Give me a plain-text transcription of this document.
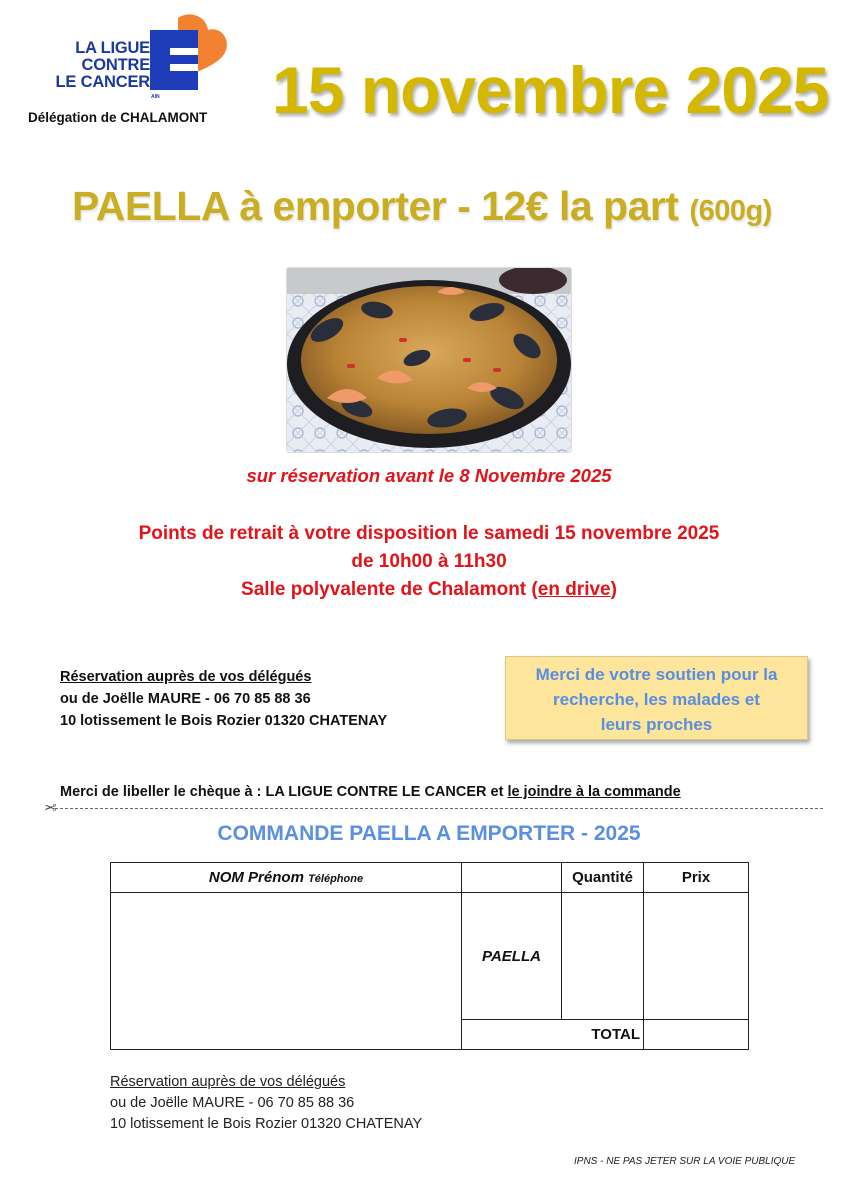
LA LIGUE
CONTRE
LE CANCER
AIN
Délégation de CHALAMONT 15 novembre 2025
PAELLA à emporter - 12€ la part (600g)
sur réservation avant le 8 Novembre 2025
Points de retrait à votre disposition le samedi 15 novembre 2025
de 10h00 à 11h30
Salle polyvalente de Chalamont (en drive)
Réservation auprès de vos délégués
ou de Joëlle MAURE - 06 70 85 88 36
10 lotissement le Bois Rozier 01320 CHATENAY
Merci de votre soutien pour la
recherche, les malades et
leurs proches
Merci de libeller le chèque à : LA LIGUE CONTRE LE CANCER et le joindre à la commande
✂
COMMANDE PAELLA A EMPORTER - 2025
NOM Prénom Téléphone		Quantité	Prix
	PAELLA		
	TOTAL		
Réservation auprès de vos délégués
ou de Joëlle MAURE - 06 70 85 88 36
10 lotissement le Bois Rozier 01320 CHATENAY
IPNS - NE PAS JETER SUR LA VOIE PUBLIQUE
